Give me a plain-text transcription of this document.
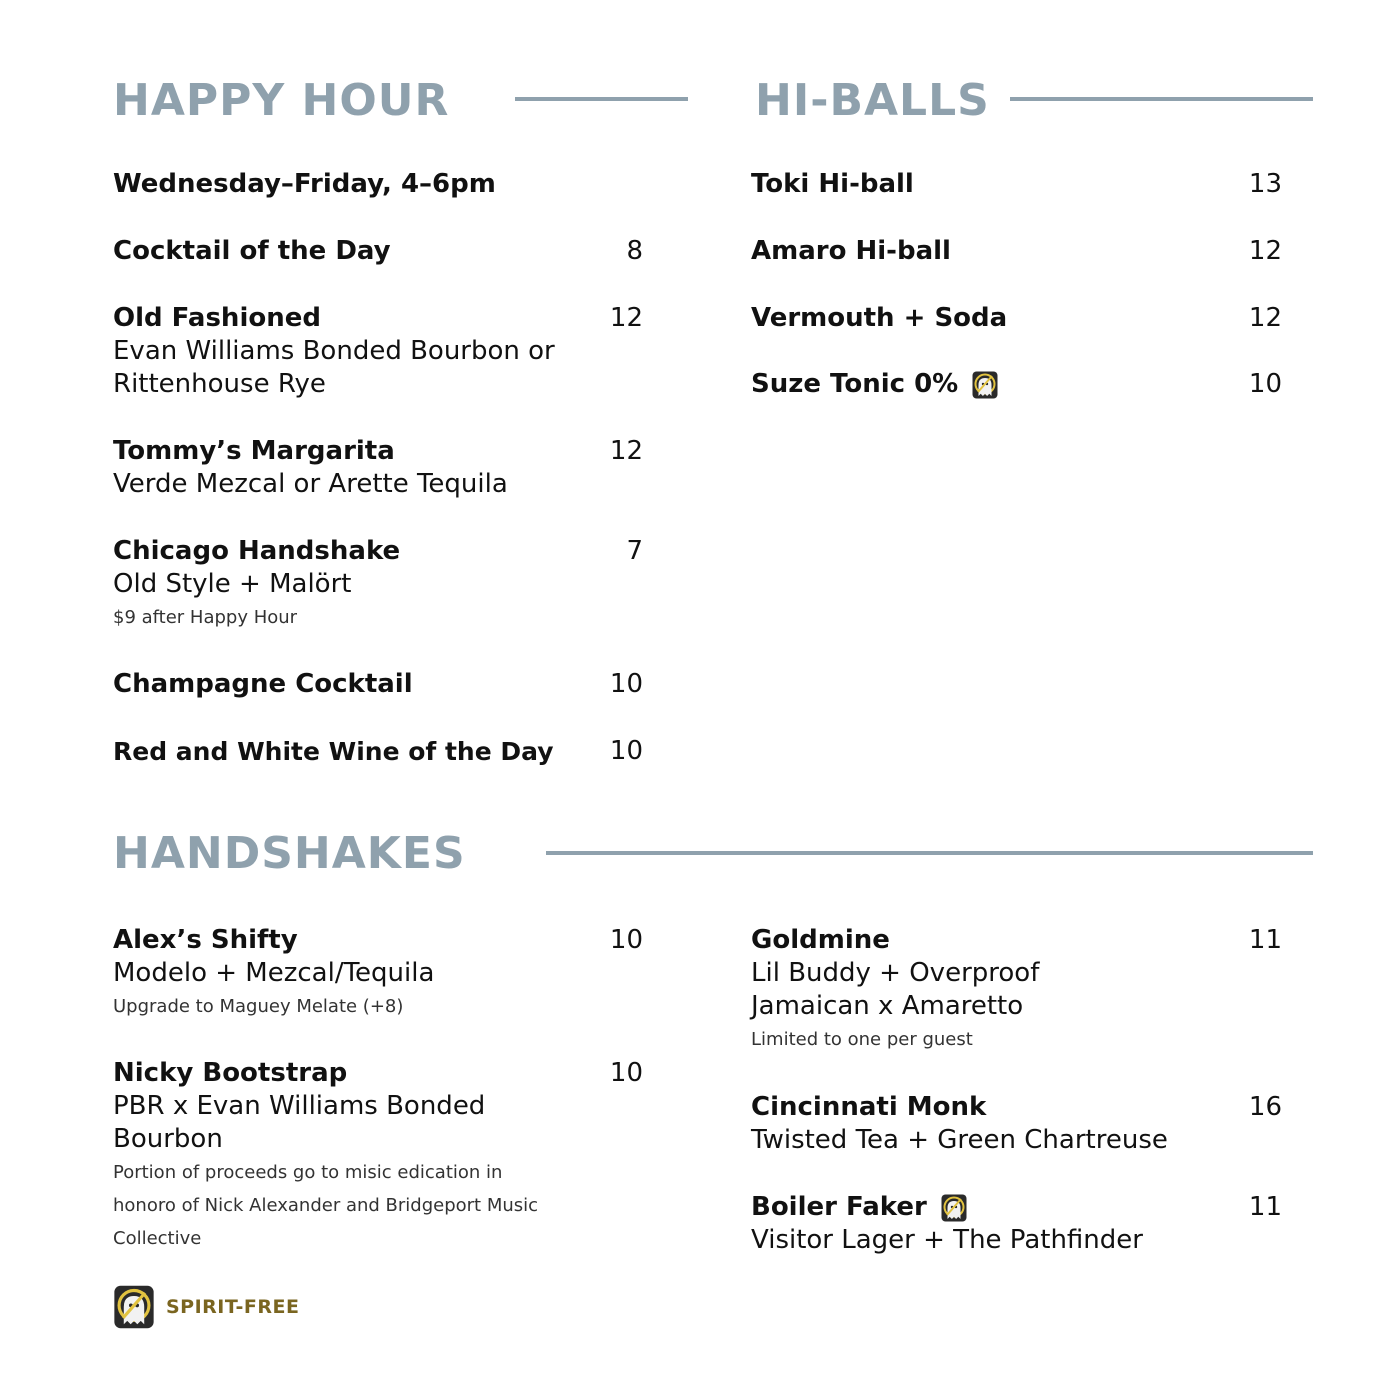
HAPPY HOUR
Wednesday–Friday, 4–6pm
Cocktail of the Day	8
Old Fashioned
Evan Williams Bonded Bourbon or Rittenhouse Rye
12
Tommy’s Margarita
Verde Mezcal or Arette Tequila
12
Chicago Handshake
Old Style + Malört
$9 after Happy Hour
7
Champagne Cocktail	10
Red and White Wine of the Day	10
HI-BALLS
Toki Hi-ball	13
Amaro Hi-ball	12
Vermouth + Soda	12
Suze Tonic 0%	10
HANDSHAKES
Alex’s Shifty
Modelo + Mezcal/Tequila
Upgrade to Maguey Melate (+8)
10
Nicky Bootstrap
PBR x Evan Williams Bonded Bourbon
Portion of proceeds go to misic edication in honoro of Nick Alexander and Bridgeport Music Collective
10
Goldmine
Lil Buddy + Overproof Jamaican x Amaretto
Limited to one per guest
11
Cincinnati Monk
Twisted Tea + Green Chartreuse
16
Boiler Faker
Visitor Lager + The Pathfinder
11
SPIRIT-FREE
